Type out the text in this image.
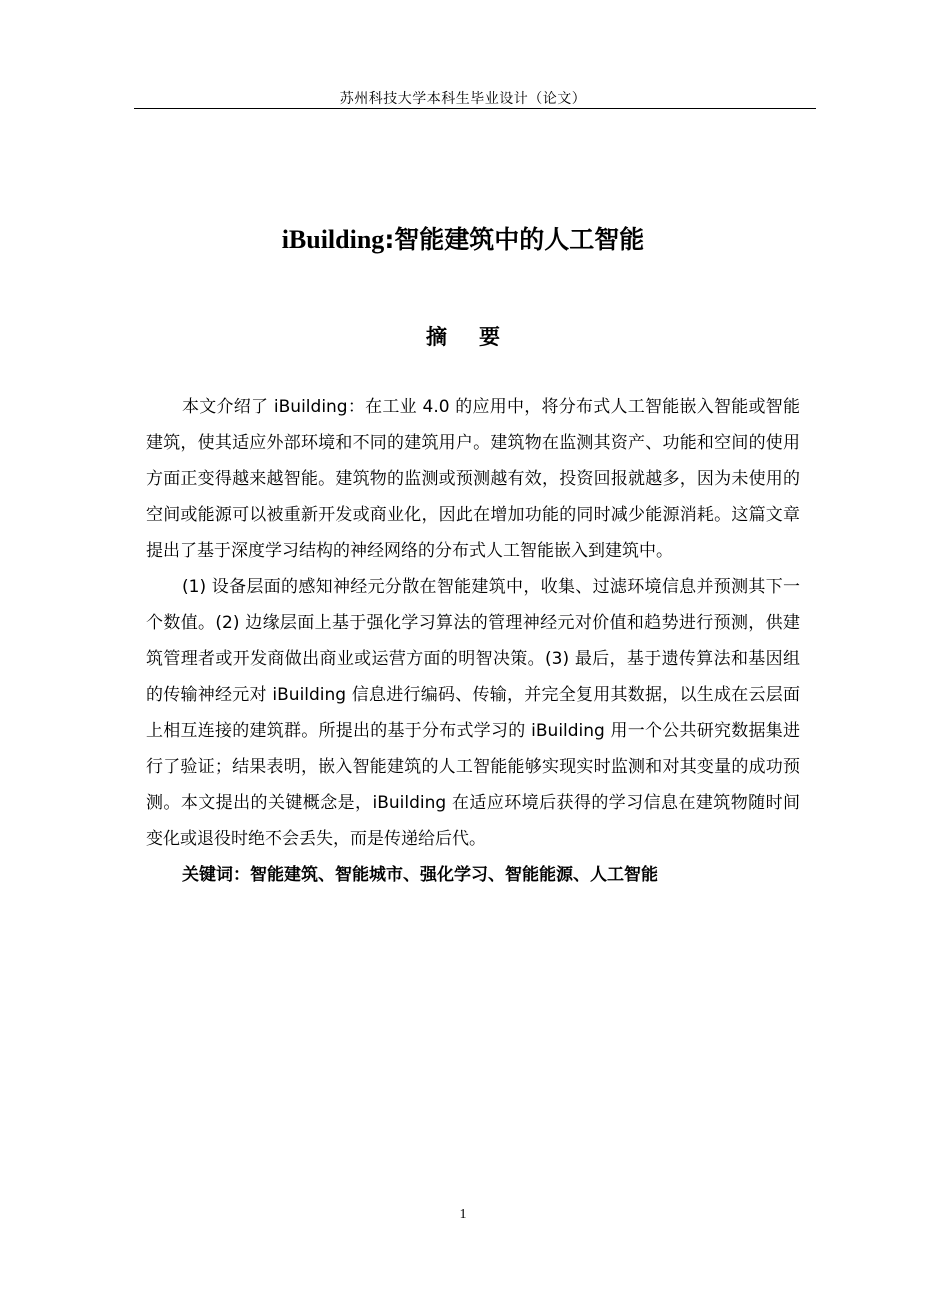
苏州科技大学本科生毕业设计（论文）
iBuilding:智能建筑中的人工智能
摘 要

本文介绍了 iBuilding：在工业 4.0 的应用中，将分布式人工智能嵌入智能或智能建筑，使其适应外部环境和不同的建筑用户。建筑物在监测其资产、功能和空间的使用方面正变得越来越智能。建筑物的监测或预测越有效，投资回报就越多，因为未使用的空间或能源可以被重新开发或商业化，因此在增加功能的同时减少能源消耗。这篇文章提出了基于深度学习结构的神经网络的分布式人工智能嵌入到建筑中。

(1) 设备层面的感知神经元分散在智能建筑中，收集、过滤环境信息并预测其下一个数值。(2) 边缘层面上基于强化学习算法的管理神经元对价值和趋势进行预测，供建筑管理者或开发商做出商业或运营方面的明智决策。(3) 最后，基于遗传算法和基因组的传输神经元对 iBuilding 信息进行编码、传输，并完全复用其数据，以生成在云层面上相互连接的建筑群。所提出的基于分布式学习的 iBuilding 用一个公共研究数据集进行了验证；结果表明，嵌入智能建筑的人工智能能够实现实时监测和对其变量的成功预测。本文提出的关键概念是，iBuilding 在适应环境后获得的学习信息在建筑物随时间变化或退役时绝不会丢失，而是传递给后代。

关键词：智能建筑、智能城市、强化学习、智能能源、人工智能

1
